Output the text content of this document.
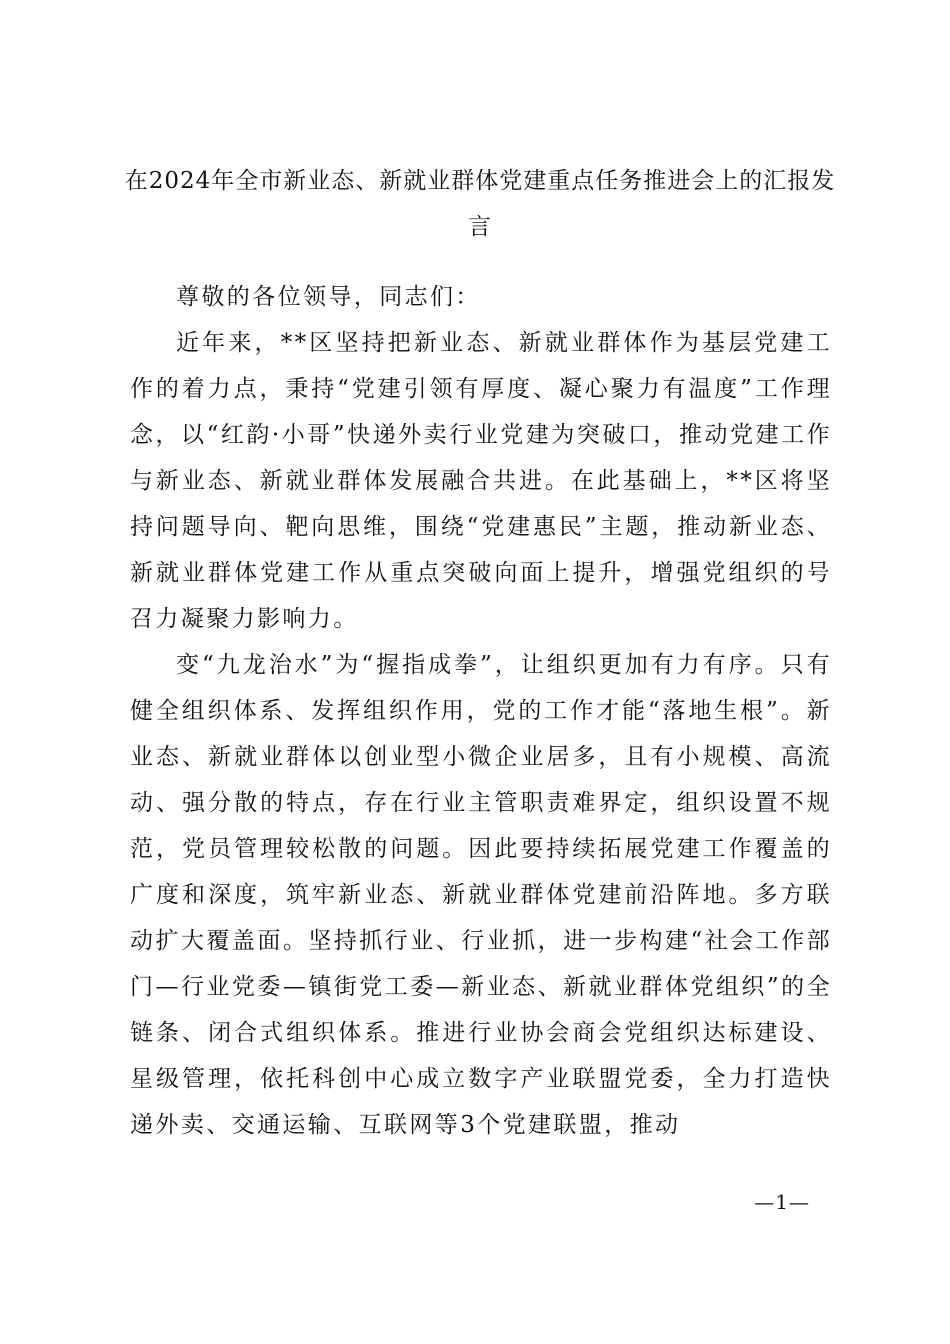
在2024年全市新业态、新就业群体党建重点任务推进会上的汇报发言

尊敬的各位领导，同志们：

近年来，**区坚持把新业态、新就业群体作为基层党建工作的着力点，秉持“党建引领有厚度、凝心聚力有温度”工作理念，以“红韵·小哥”快递外卖行业党建为突破口，推动党建工作与新业态、新就业群体发展融合共进。在此基础上，**区将坚持问题导向、靶向思维，围绕“党建惠民”主题，推动新业态、新就业群体党建工作从重点突破向面上提升，增强党组织的号召力凝聚力影响力。

变“九龙治水”为“握指成拳”，让组织更加有力有序。只有健全组织体系、发挥组织作用，党的工作才能“落地生根”。新业态、新就业群体以创业型小微企业居多，且有小规模、高流动、强分散的特点，存在行业主管职责难界定，组织设置不规范，党员管理较松散的问题。因此要持续拓展党建工作覆盖的广度和深度，筑牢新业态、新就业群体党建前沿阵地。多方联动扩大覆盖面。坚持抓行业、行业抓，进一步构建“社会工作部门—行业党委—镇街党工委—新业态、新就业群体党组织”的全链条、闭合式组织体系。推进行业协会商会党组织达标建设、星级管理，依托科创中心成立数字产业联盟党委，全力打造快递外卖、交通运输、互联网等3个党建联盟，推动

—1—
